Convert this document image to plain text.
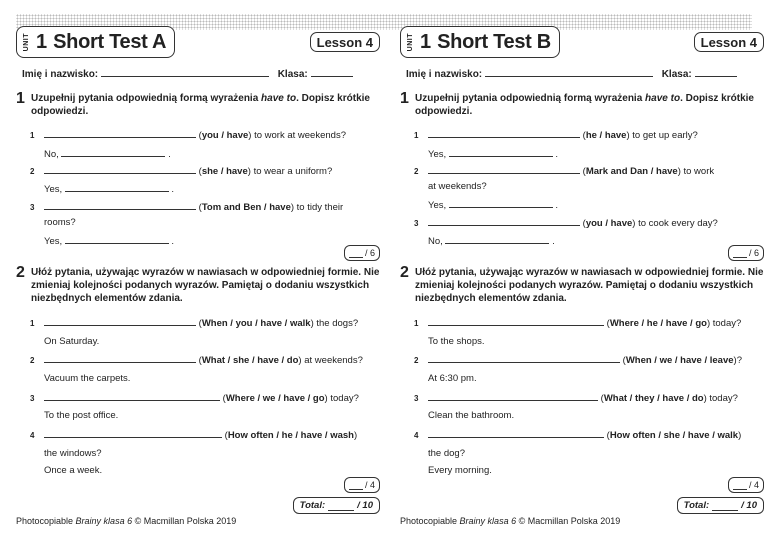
UNIT 1 Short Test A	Lesson 4
Imię i nazwisko:	Klasa:
1 Uzupełnij pytania odpowiednią formą wyrażenia have to. Dopisz krótkie odpowiedzi.
1	(you / have) to work at weekends?
No,	.
2	(she / have) to wear a uniform?
Yes,	.
3	(Tom and Ben / have) to tidy their
rooms?
Yes,	.
/ 6
2 Ułóż pytania, używając wyrazów w nawiasach w odpowiedniej formie. Nie zmieniaj kolejności podanych wyrazów. Pamiętaj o dodaniu wszystkich niezbędnych elementów zdania.
1	(When / you / have / walk) the dogs?
On Saturday.
2	(What / she / have / do) at weekends?
Vacuum the carpets.
3	(Where / we / have / go) today?
To the post office.
4	(How often / he / have / wash)
the windows?
Once a week.
/ 4
Total:	/ 10
Photocopiable Brainy klasa 6 © Macmillan Polska 2019
UNIT 1 Short Test B	Lesson 4
Imię i nazwisko:	Klasa:
1 Uzupełnij pytania odpowiednią formą wyrażenia have to. Dopisz krótkie odpowiedzi.
1	(he / have) to get up early?
Yes,	.
2	(Mark and Dan / have) to work
at weekends?
Yes,	.
3	(you / have) to cook every day?
No,	.
/ 6
2 Ułóż pytania, używając wyrazów w nawiasach w odpowiedniej formie. Nie zmieniaj kolejności podanych wyrazów. Pamiętaj o dodaniu wszystkich niezbędnych elementów zdania.
1	(Where / he / have / go) today?
To the shops.
2	(When / we / have / leave)?
At 6:30 pm.
3	(What / they / have / do) today?
Clean the bathroom.
4	(How often / she / have / walk)
the dog?
Every morning.
/ 4
Total:	/ 10
Photocopiable Brainy klasa 6 © Macmillan Polska 2019
